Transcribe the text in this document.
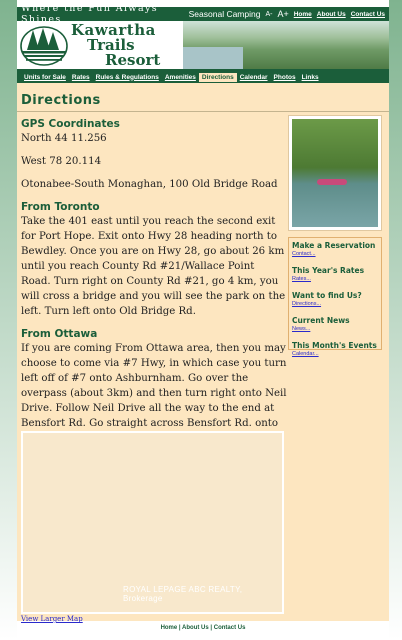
Where the Fun Always Shines	Seasonal Camping A- A+ Home About Us Contact Us
Kawartha
Trails
Resort
Units for Sale Rates Rules & Regulations Amenities Directions Calendar Photos Links
Directions
GPS Coordinates

North 44 11.256

West 78 20.114

Otonabee-South Monaghan, 100 Old Bridge Road

From Toronto

Take the 401 east until you reach the second exit for Port Hope. Exit onto Hwy 28 heading north to Bewdley. Once you are on Hwy 28, go about 26 km until you reach County Rd #21/Wallace Point Road. Turn right on County Rd #21, go 4 km, you will cross a bridge and you will see the park on the left. Turn left onto Old Bridge Rd.

From Ottawa

If you are coming From Ottawa area, then you may choose to come via #7 Hwy, in which case you turn left off of #7 onto Ashburnham. Go over the overpass (about 3km) and then turn right onto Neil Drive. Follow Neil Drive all the way to the end at Bensfort Rd. Go straight across Bensfort Rd. onto

ROYAL LEPAGE ABC REALTY, Brokerage
View Larger Map
Make a Reservation
Contact...
This Year's Rates
Rates...
Want to find Us?
Directions...
Current News
News...
This Month's Events
Calendar...
Home | About Us | Contact Us
